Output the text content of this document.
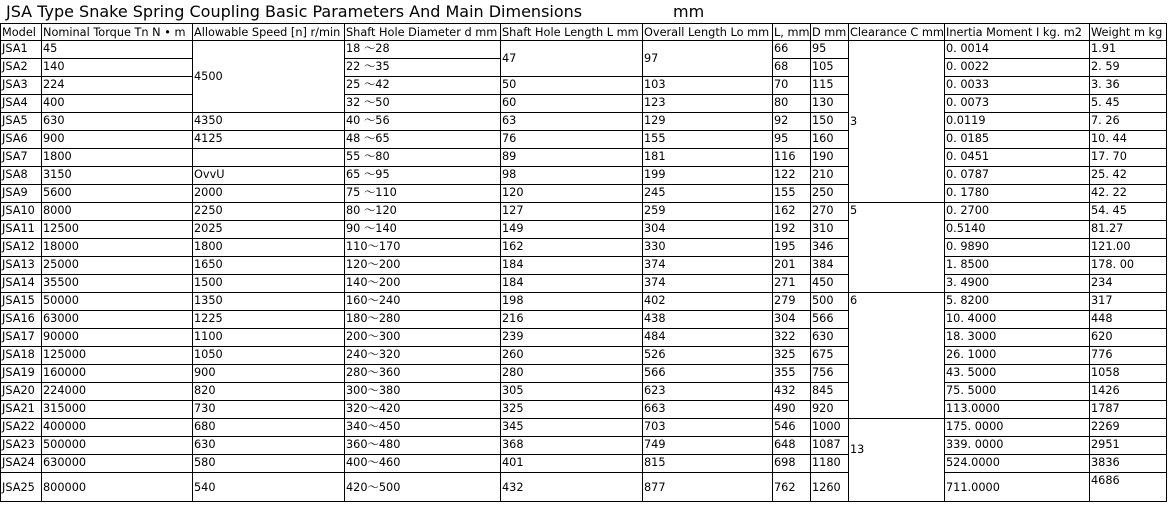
JSA Type Snake Spring Coupling Basic Parameters And Main Dimensions	mm
Model	Nominal Torque Tn N • m	Allowable Speed [n] r/min	Shaft Hole Diameter d mm	Shaft Hole Length L mm	Overall Length Lo mm	L, mm	D mm	Clearance C mm	Inertia Moment I kg. m2	Weight m kg
JSA1	45	4500	18 ～28	47	97	66	95	3	0. 0014	1.91
JSA2	140		22 ～35			68	105		0. 0022	2. 59
JSA3	224		25 ～42	50	103	70	115		0. 0033	3. 36
JSA4	400		32 ～50	60	123	80	130		0. 0073	5. 45
JSA5	630	4350	40 ～56	63	129	92	150		0.0119	7. 26
JSA6	900	4125	48 ～65	76	155	95	160		0. 0185	10. 44
JSA7	1800		55 ～80	89	181	116	190		0. 0451	17. 70
JSA8	3150	OvvU	65 ～95	98	199	122	210		0. 0787	25. 42
JSA9	5600	2000	75 ～110	120	245	155	250		0. 1780	42. 22
JSA10	8000	2250	80 ～120	127	259	162	270	5	0. 2700	54. 45
JSA11	12500	2025	90 ～140	149	304	192	310		0.5140	81.27
JSA12	18000	1800	110～170	162	330	195	346		0. 9890	121.00
JSA13	25000	1650	120～200	184	374	201	384		1. 8500	178. 00
JSA14	35500	1500	140～200	184	374	271	450		3. 4900	234
JSA15	50000	1350	160～240	198	402	279	500	6	5. 8200	317
JSA16	63000	1225	180～280	216	438	304	566		10. 4000	448
JSA17	90000	1100	200～300	239	484	322	630		18. 3000	620
JSA18	125000	1050	240～320	260	526	325	675		26. 1000	776
JSA19	160000	900	280～360	280	566	355	756		43. 5000	1058
JSA20	224000	820	300～380	305	623	432	845		75. 5000	1426
JSA21	315000	730	320～420	325	663	490	920		113.0000	1787
JSA22	400000	680	340～450	345	703	546	1000	13	175. 0000	2269
JSA23	500000	630	360～480	368	749	648	1087		339. 0000	2951
JSA24	630000	580	400～460	401	815	698	1180		524.0000	3836
JSA25	800000	540	420～500	432	877	762	1260		711.0000	4686
